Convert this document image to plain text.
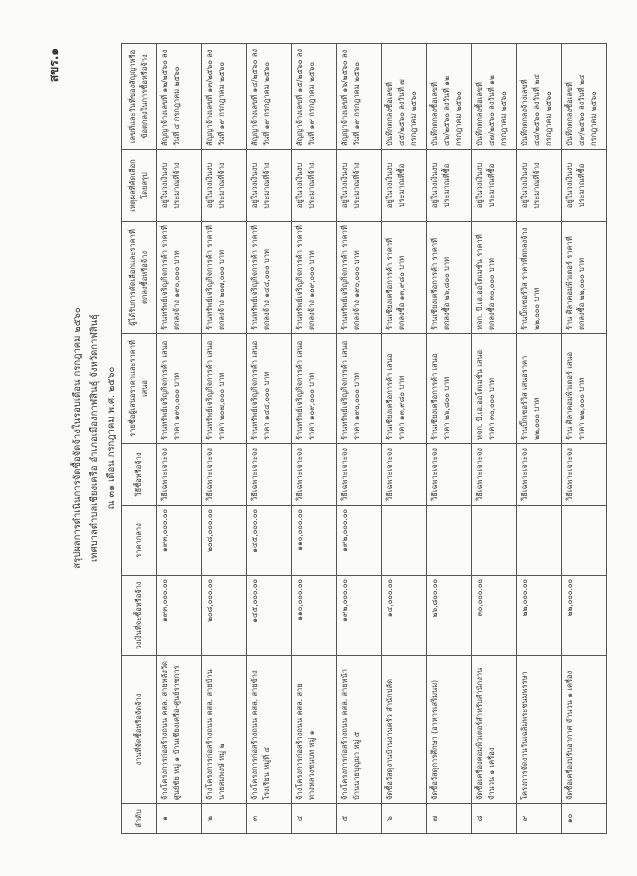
สขร.๑
สรุปผลการดำเนินการจัดซื้อจัดจ้างในรอบเดือน กรกฎาคม ๒๕๖๐ เทศบาลตำบลเชียงเครือ อำเภอเมืองกาฬสินธุ์ จังหวัดกาฬสินธุ์ ณ ๓๑ เดือน กรกฎาคม พ.ศ. ๒๕๖๐
ลำดับ	งานที่จัดซื้อหรือจัดจ้าง	วงเงินที่จะซื้อหรือจ้าง	ราคากลาง	วิธีซื้อหรือจ้าง	รายชื่อผู้เสนอราคาและราคาที่เสนอ	ผู้ได้รับการคัดเลือกและราคาที่ตกลงซื้อหรือจ้าง	เหตุผลที่คัดเลือกโดยสรุป	เลขที่และวันที่ของสัญญาหรือข้อตกลงในการซื้อหรือจ้าง
๑	จ้างโครงการก่อสร้างถนน คสล. สายหลังวัดศูนย์ชัย หมู่ ๑ บ้านเชียงเครือ-ศูนย์ราชการ	๑๙๓,๐๐๐.๐๐	๑๙๓,๐๐๐.๐๐	วิธีเฉพาะเจาะจง	ร้านทรัพย์เจริญกิจการค้า เสนอราคา ๑๙๐,๐๐๐ บาท	ร้านทรัพย์เจริญกิจการค้า ราคาที่ตกลงจ้าง ๑๙๐,๐๐๐ บาท	อยู่ในวงเงินงบประมาณที่จ้าง	สัญญาจ้างเลขที่ ๑๒/๒๕๖๐ ลงวันที่ ๔ กรกฎาคม ๒๕๖๐
๒	จ้างโครงการก่อสร้างถนน คสล. สายบ้านนายสมพงษ์ หมู่ ๒	๒๐๘,๐๐๐.๐๐	๒๐๘,๐๐๐.๐๐	วิธีเฉพาะเจาะจง	ร้านทรัพย์เจริญกิจการค้า เสนอราคา ๒๐๗,๐๐๐ บาท	ร้านทรัพย์เจริญกิจการค้า ราคาที่ตกลงจ้าง ๒๐๗,๐๐๐ บาท	อยู่ในวงเงินงบประมาณที่จ้าง	สัญญาจ้างเลขที่ ๑๓/๒๕๖๐ ลงวันที่ ๑๙ กรกฎาคม ๒๕๖๐
๓	จ้างโครงการก่อสร้างถนน คสล. สายข้างโรงเรียน หมู่ที่ ๔	๑๔๕,๐๐๐.๐๐	๑๔๕,๐๐๐.๐๐	วิธีเฉพาะเจาะจง	ร้านทรัพย์เจริญกิจการค้า เสนอราคา ๑๔๔,๐๐๐ บาท	ร้านทรัพย์เจริญกิจการค้า ราคาที่ตกลงจ้าง ๑๔๔,๐๐๐ บาท	อยู่ในวงเงินงบประมาณที่จ้าง	สัญญาจ้างเลขที่ ๑๔/๒๕๖๐ ลงวันที่ ๑๙ กรกฎาคม ๒๕๖๐
๔	จ้างโครงการก่อสร้างถนน คสล. สายทางหลวงชนบท หมู่ ๑	๑๑๐,๐๐๐.๐๐	๑๑๐,๐๐๐.๐๐	วิธีเฉพาะเจาะจง	ร้านทรัพย์เจริญกิจการค้า เสนอราคา ๑๐๙,๐๐๐ บาท	ร้านทรัพย์เจริญกิจการค้า ราคาที่ตกลงจ้าง ๑๐๙,๐๐๐ บาท	อยู่ในวงเงินงบประมาณที่จ้าง	สัญญาจ้างเลขที่ ๑๕/๒๕๖๐ ลงวันที่ ๑๙ กรกฎาคม ๒๕๖๐
๕	จ้างโครงการก่อสร้างถนน คสล. สายหน้าบ้านนายบุญมา หมู่ ๕	๑๙๒,๐๐๐.๐๐	๑๙๒,๐๐๐.๐๐	วิธีเฉพาะเจาะจง	ร้านทรัพย์เจริญกิจการค้า เสนอราคา ๑๙๐,๐๐๐ บาท	ร้านทรัพย์เจริญกิจการค้า ราคาที่ตกลงจ้าง ๑๙๐,๐๐๐ บาท	อยู่ในวงเงินงบประมาณที่จ้าง	สัญญาจ้างเลขที่ ๑๖/๒๕๖๐ ลงวันที่ ๑๙ กรกฎาคม ๒๕๖๐
๖	จัดซื้อวัสดุงานบ้านงานครัว สำนักปลัด	๑๔,๐๐๐.๐๐		วิธีเฉพาะเจาะจง	ร้านเชียงเครือการค้า เสนอราคา ๑๓,๙๘๐ บาท	ร้านเชียงเครือการค้า ราคาที่ตกลงซื้อ ๑๓,๙๘๐ บาท	อยู่ในวงเงินงบประมาณที่ซื้อ	บันทึกตกลงซื้อเลขที่ ๔๕/๒๕๖๐ ลงวันที่ ๗ กรกฎาคม ๒๕๖๐
๗	จัดซื้อวัสดุการศึกษา (อาหารเสริมนม)	๒๖,๘๐๐.๐๐		วิธีเฉพาะเจาะจง	ร้านเชียงเครือการค้า เสนอราคา ๒๖,๘๐๐ บาท	ร้านเชียงเครือการค้า ราคาที่ตกลงซื้อ ๒๖,๘๐๐ บาท	อยู่ในวงเงินงบประมาณที่ซื้อ	บันทึกตกลงซื้อเลขที่ ๔๖/๒๕๖๐ ลงวันที่ ๑๒ กรกฎาคม ๒๕๖๐
๘	จัดซื้อเครื่องคอมพิวเตอร์สำหรับสำนักงาน จำนวน ๑ เครื่อง	๓๐,๐๐๐.๐๐		วิธีเฉพาะเจาะจง	หจก. บี.เอ.ออโตเมชั่น เสนอราคา ๓๐,๐๐๐ บาท	หจก. บี.เอ.ออโตเมชั่น ราคาที่ตกลงซื้อ ๓๐,๐๐๐ บาท	อยู่ในวงเงินงบประมาณที่ซื้อ	บันทึกตกลงซื้อเลขที่ ๔๗/๒๕๖๐ ลงวันที่ ๑๒ กรกฎาคม ๒๕๖๐
๙	โครงการจัดงานวันเฉลิมพระชนมพรรษา	๒๒,๐๐๐.๐๐		วิธีเฉพาะเจาะจง	ร้านบิ๊กเซอร์วิส เสนอราคา ๒๒,๐๐๐ บาท	ร้านบิ๊กเซอร์วิส ราคาที่ตกลงจ้าง ๒๒,๐๐๐ บาท	อยู่ในวงเงินงบประมาณที่จ้าง	บันทึกตกลงจ้างเลขที่ ๔๘/๒๕๖๐ ลงวันที่ ๒๔ กรกฎาคม ๒๕๖๐
๑๐	จัดซื้อเครื่องปรับอากาศ จำนวน ๑ เครื่อง	๒๒,๐๐๐.๐๐		วิธีเฉพาะเจาะจง	ร้าน ศิลาคอมพิวเตอร์ เสนอราคา ๒๒,๐๐๐ บาท	ร้าน ศิลาคอมพิวเตอร์ ราคาที่ตกลงซื้อ ๒๒,๐๐๐ บาท	อยู่ในวงเงินงบประมาณที่ซื้อ	บันทึกตกลงซื้อเลขที่ ๔๙/๒๕๖๐ ลงวันที่ ๒๔ กรกฎาคม ๒๕๖๐
